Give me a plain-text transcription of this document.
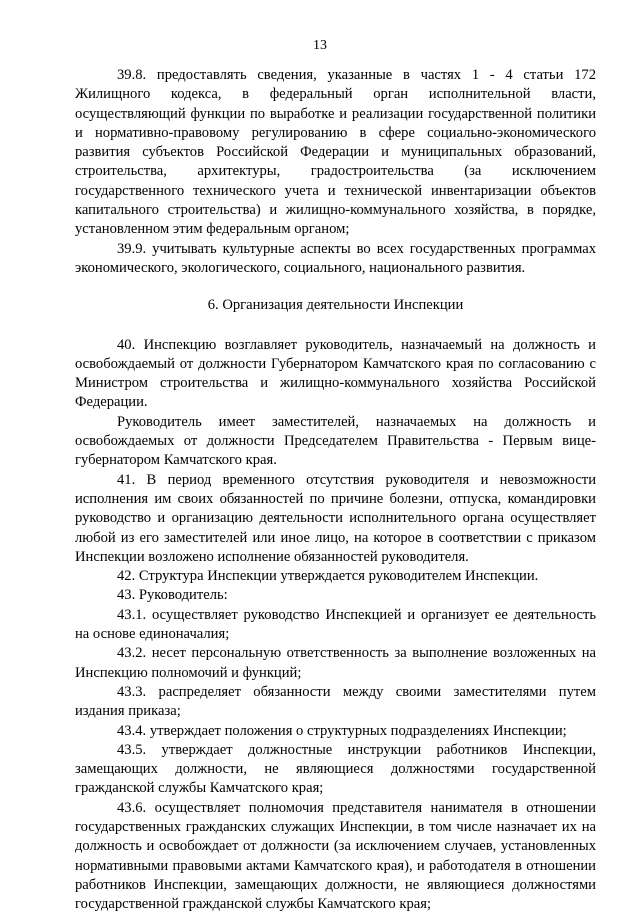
13

39.8. предоставлять сведения, указанные в частях 1 - 4 статьи 172 Жилищного кодекса, в федеральный орган исполнительной власти, осуществляющий функции по выработке и реализации государственной политики и нормативно-правовому регулированию в сфере социально-экономического развития субъектов Российской Федерации и муниципальных образований, строительства, архитектуры, градостроительства (за исключением государственного технического учета и технической инвентаризации объектов капитального строительства) и жилищно-коммунального хозяйства, в порядке, установленном этим федеральным органом;

39.9. учитывать культурные аспекты во всех государственных программах экономического, экологического, социального, национального развития.

6. Организация деятельности Инспекции

40. Инспекцию возглавляет руководитель, назначаемый на должность и освобождаемый от должности Губернатором Камчатского края по согласованию с Министром строительства и жилищно-коммунального хозяйства Российской Федерации.

Руководитель имеет заместителей, назначаемых на должность и освобождаемых от должности Председателем Правительства - Первым вице-губернатором Камчатского края.

41. В период временного отсутствия руководителя и невозможности исполнения им своих обязанностей по причине болезни, отпуска, командировки руководство и организацию деятельности исполнительного органа осуществляет любой из его заместителей или иное лицо, на которое в соответствии с приказом Инспекции возложено исполнение обязанностей руководителя.

42. Структура Инспекции утверждается руководителем Инспекции.

43. Руководитель:

43.1. осуществляет руководство Инспекцией и организует ее деятельность на основе единоначалия;

43.2. несет персональную ответственность за выполнение возложенных на Инспекцию полномочий и функций;

43.3. распределяет обязанности между своими заместителями путем издания приказа;

43.4. утверждает положения о структурных подразделениях Инспекции;

43.5. утверждает должностные инструкции работников Инспекции, замещающих должности, не являющиеся должностями государственной гражданской службы Камчатского края;

43.6. осуществляет полномочия представителя нанимателя в отношении государственных гражданских служащих Инспекции, в том числе назначает их на должность и освобождает от должности (за исключением случаев, установленных нормативными правовыми актами Камчатского края), и работодателя в отношении работников Инспекции, замещающих должности, не являющиеся должностями государственной гражданской службы Камчатского края;
